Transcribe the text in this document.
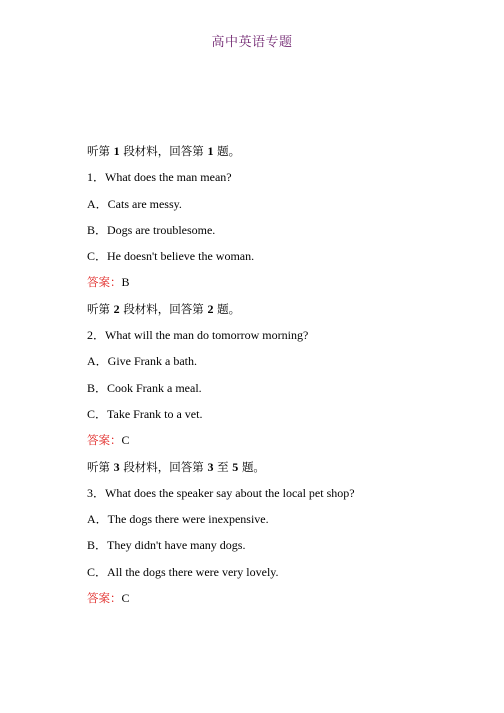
高中英语专题
听第 1 段材料，回答第 1 题。
1．What does the man mean?
A．Cats are messy.
B．Dogs are troublesome.
C．He doesn't believe the woman.
答案：B
听第 2 段材料，回答第 2 题。
2．What will the man do tomorrow morning?
A．Give Frank a bath.
B．Cook Frank a meal.
C．Take Frank to a vet.
答案：C
听第 3 段材料，回答第 3 至 5 题。
3．What does the speaker say about the local pet shop?
A．The dogs there were inexpensive.
B．They didn't have many dogs.
C．All the dogs there were very lovely.
答案：C
